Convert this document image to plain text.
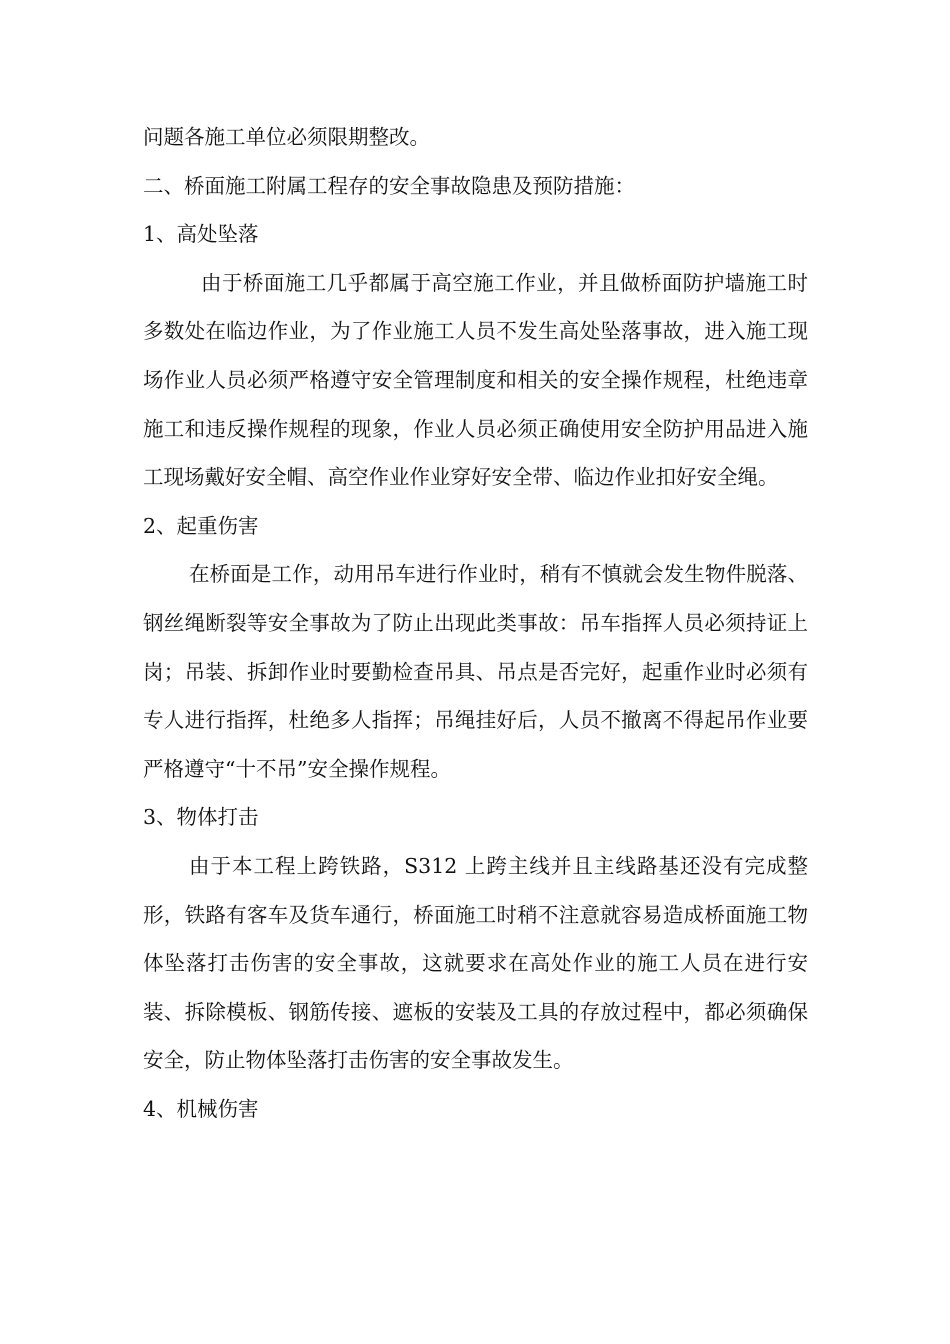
问题各施工单位必须限期整改。
二、桥面施工附属工程存的安全事故隐患及预防措施：
1、高处坠落

由于桥面施工几乎都属于高空施工作业，并且做桥面防护墙施工时多数处在临边作业，为了作业施工人员不发生高处坠落事故，进入施工现场作业人员必须严格遵守安全管理制度和相关的安全操作规程，杜绝违章施工和违反操作规程的现象，作业人员必须正确使用安全防护用品进入施工现场戴好安全帽、高空作业作业穿好安全带、临边作业扣好安全绳。

2、起重伤害

在桥面是工作，动用吊车进行作业时，稍有不慎就会发生物件脱落、钢丝绳断裂等安全事故为了防止出现此类事故：吊车指挥人员必须持证上岗；吊装、拆卸作业时要勤检查吊具、吊点是否完好，起重作业时必须有专人进行指挥，杜绝多人指挥；吊绳挂好后，人员不撤离不得起吊作业要严格遵守“十不吊”安全操作规程。

3、物体打击

由于本工程上跨铁路，S312 上跨主线并且主线路基还没有完成整形，铁路有客车及货车通行，桥面施工时稍不注意就容易造成桥面施工物体坠落打击伤害的安全事故，这就要求在高处作业的施工人员在进行安装、拆除模板、钢筋传接、遮板的安装及工具的存放过程中，都必须确保安全，防止物体坠落打击伤害的安全事故发生。

4、机械伤害
